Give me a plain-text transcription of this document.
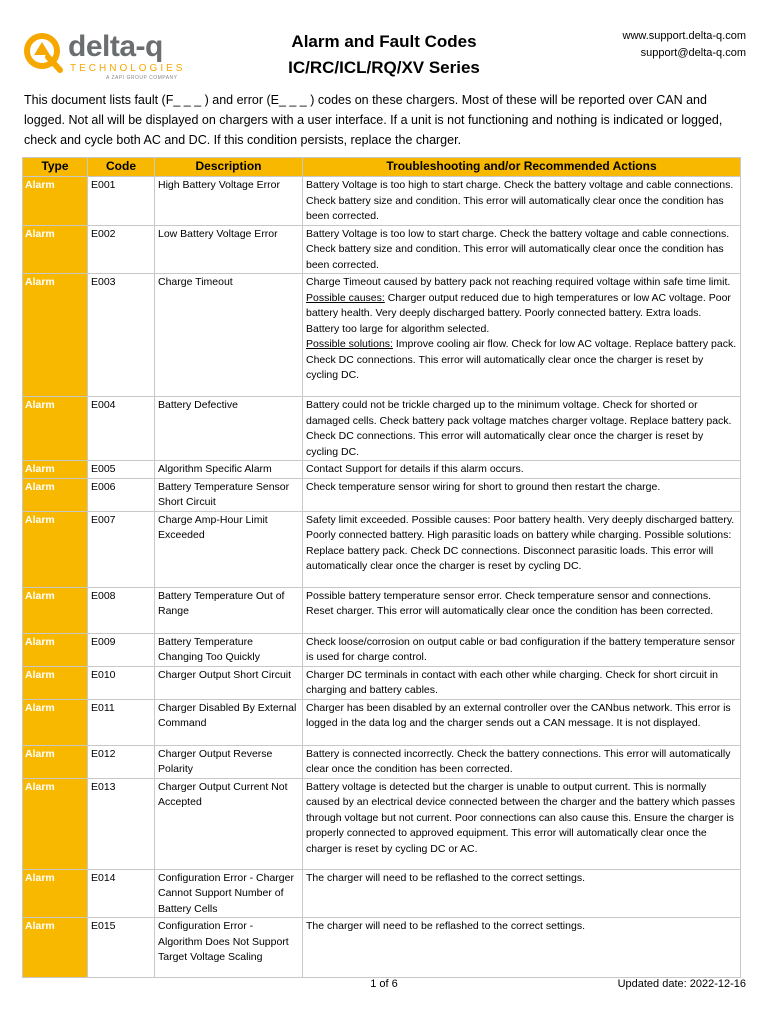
delta-q
TECHNOLOGIES
A ZAPI GROUP COMPANY
Alarm and Fault Codes
IC/RC/ICL/RQ/XV Series
www.support.delta-q.com
support@delta-q.com

This document lists fault (F_ _ _ ) and error (E_ _ _ ) codes on these chargers. Most of these will be reported over CAN and logged. Not all will be displayed on chargers with a user interface. If a unit is not functioning and nothing is indicated or logged, check and cycle both AC and DC. If this condition persists, replace the charger.

Type	Code	Description	Troubleshooting and/or Recommended Actions
Alarm	E001	High Battery Voltage Error	Battery Voltage is too high to start charge. Check the battery voltage and cable connections. Check battery size and condition. This error will automatically clear once the condition has been corrected.
Alarm	E002	Low Battery Voltage Error	Battery Voltage is too low to start charge. Check the battery voltage and cable connections. Check battery size and condition. This error will automatically clear once the condition has been corrected.
Alarm	E003	Charge Timeout	Charge Timeout caused by battery pack not reaching required voltage within safe time limit.
Possible causes: Charger output reduced due to high temperatures or low AC voltage. Poor battery health. Very deeply discharged battery. Poorly connected battery. Extra loads. Battery too large for algorithm selected.
Possible solutions: Improve cooling air flow. Check for low AC voltage. Replace battery pack. Check DC connections. This error will automatically clear once the charger is reset by cycling DC.
Alarm	E004	Battery Defective	Battery could not be trickle charged up to the minimum voltage. Check for shorted or damaged cells. Check battery pack voltage matches charger voltage. Replace battery pack. Check DC connections. This error will automatically clear once the charger is reset by cycling DC.
Alarm	E005	Algorithm Specific Alarm	Contact Support for details if this alarm occurs.
Alarm	E006	Battery Temperature Sensor Short Circuit	Check temperature sensor wiring for short to ground then restart the charge.
Alarm	E007	Charge Amp-Hour Limit Exceeded	Safety limit exceeded. Possible causes: Poor battery health. Very deeply discharged battery. Poorly connected battery. High parasitic loads on battery while charging. Possible solutions: Replace battery pack. Check DC connections. Disconnect parasitic loads. This error will automatically clear once the charger is reset by cycling DC.
Alarm	E008	Battery Temperature Out of Range	Possible battery temperature sensor error. Check temperature sensor and connections. Reset charger. This error will automatically clear once the condition has been corrected.
Alarm	E009	Battery Temperature Changing Too Quickly	Check loose/corrosion on output cable or bad configuration if the battery temperature sensor is used for charge control.
Alarm	E010	Charger Output Short Circuit	Charger DC terminals in contact with each other while charging. Check for short circuit in charging and battery cables.
Alarm	E011	Charger Disabled By External Command	Charger has been disabled by an external controller over the CANbus network. This error is logged in the data log and the charger sends out a CAN message. It is not displayed.
Alarm	E012	Charger Output Reverse Polarity	Battery is connected incorrectly. Check the battery connections. This error will automatically clear once the condition has been corrected.
Alarm	E013	Charger Output Current Not Accepted	Battery voltage is detected but the charger is unable to output current. This is normally caused by an electrical device connected between the charger and the battery which passes through voltage but not current. Poor connections can also cause this. Ensure the charger is properly connected to approved equipment. This error will automatically clear once the charger is reset by cycling DC or AC.
Alarm	E014	Configuration Error - Charger Cannot Support Number of Battery Cells	The charger will need to be reflashed to the correct settings.
Alarm	E015	Configuration Error - Algorithm Does Not Support Target Voltage Scaling	The charger will need to be reflashed to the correct settings.
1 of 6	Updated date: 2022-12-16
